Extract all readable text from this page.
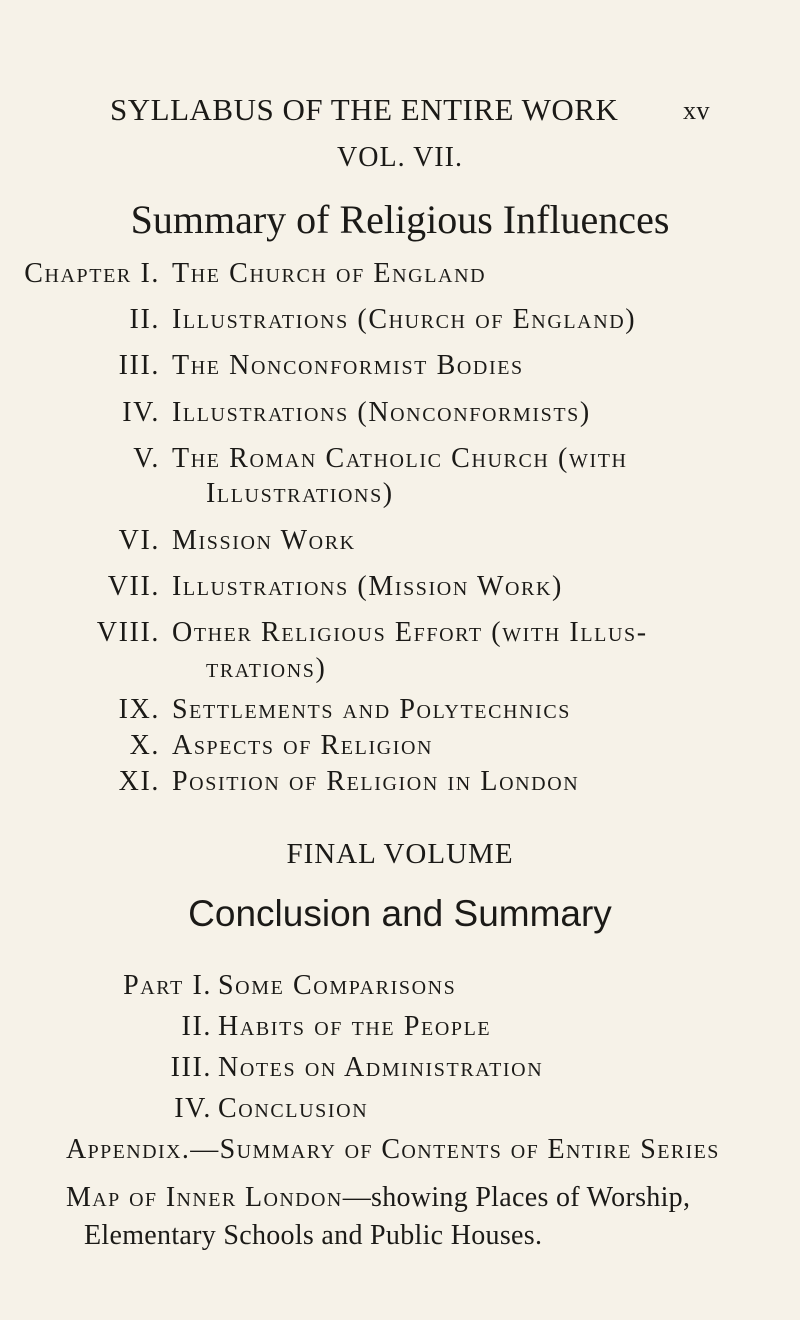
SYLLABUS OF THE ENTIRE WORK xv
VOL. VII.
Summary of Religious Influences
Chapter I. The Church of England
II. Illustrations (Church of England)
III. The Nonconformist Bodies
IV. Illustrations (Nonconformists)
V. The Roman Catholic Church (with
Illustrations)
VI. Mission Work
VII. Illustrations (Mission Work)
VIII. Other Religious Effort (with Illus-
trations)
IX. Settlements and Polytechnics
X. Aspects of Religion
XI. Position of Religion in London
FINAL VOLUME
Conclusion and Summary
Part I. Some Comparisons
II. Habits of the People
III. Notes on Administration
IV. Conclusion
Appendix.—Summary of Contents of Entire Series
Map of Inner London—showing Places of Worship,
Elementary Schools and Public Houses.
